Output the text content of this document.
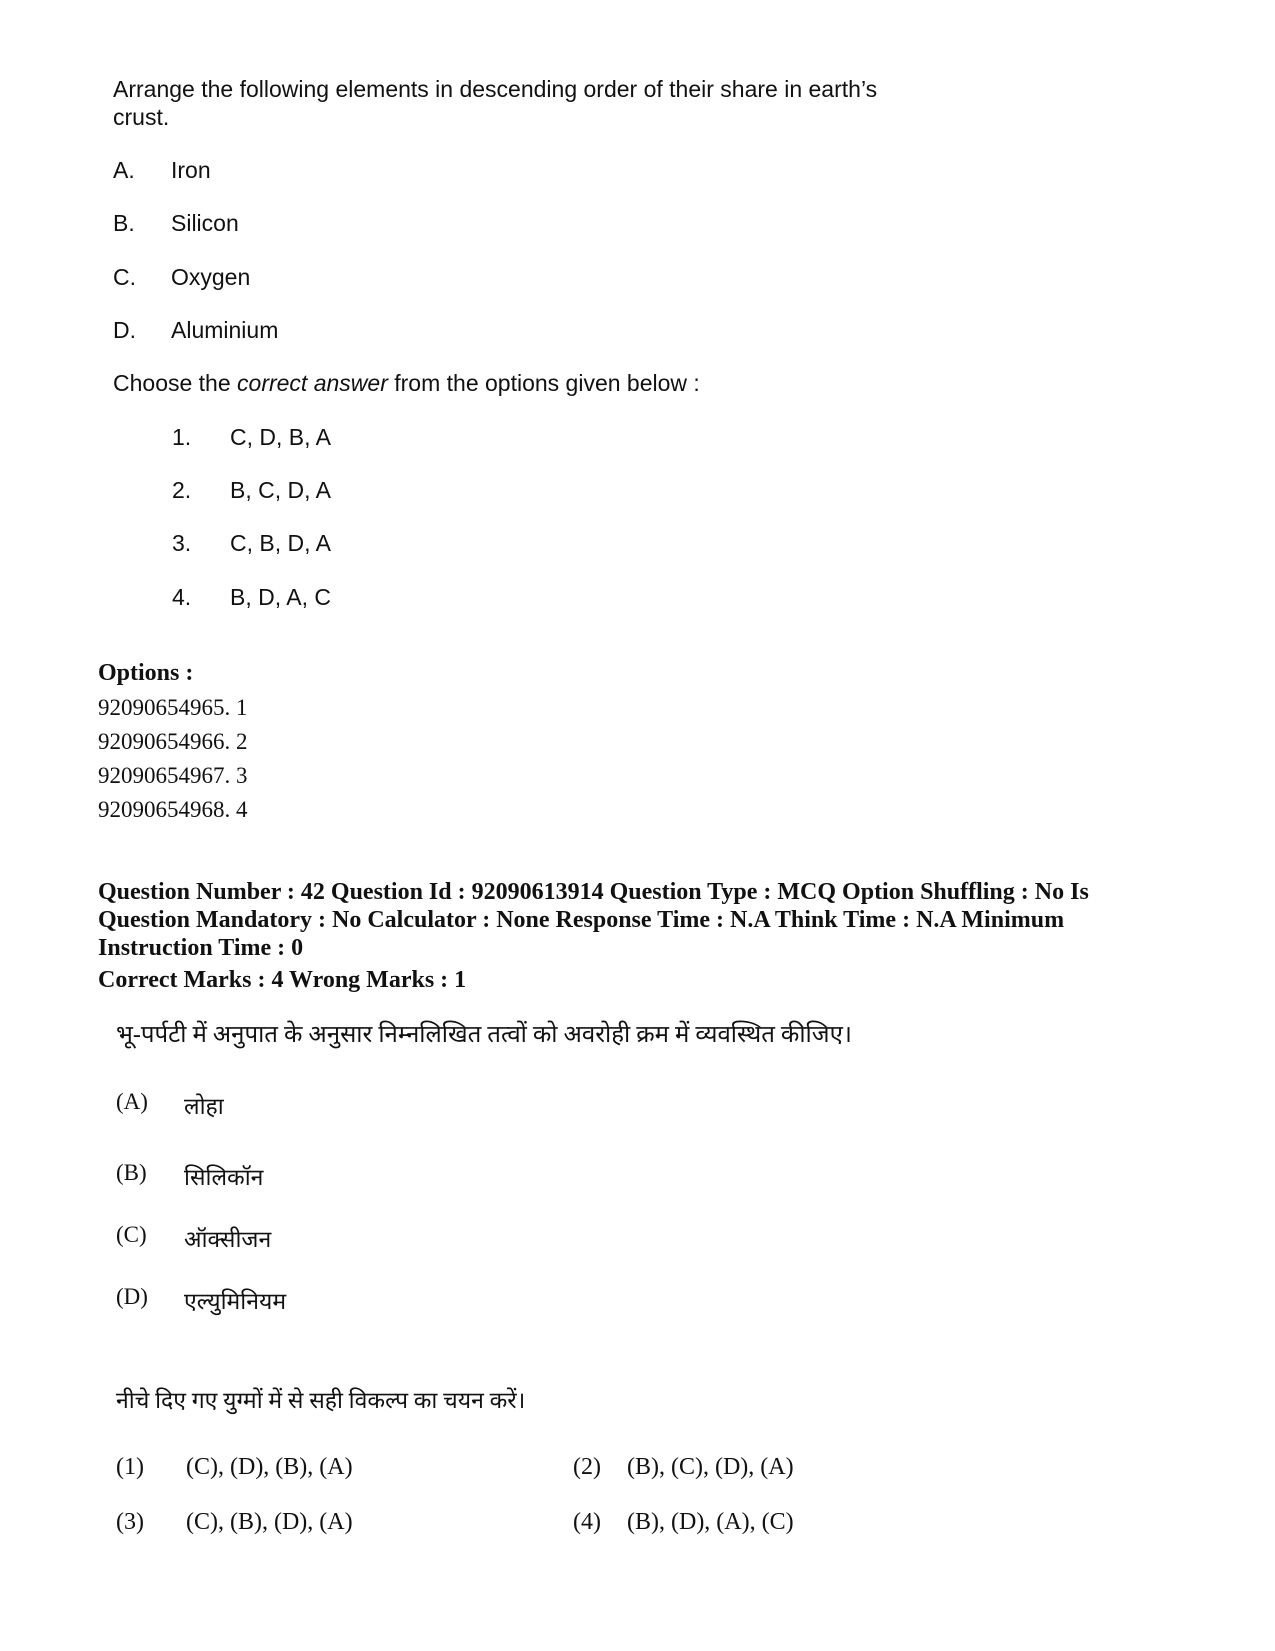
Arrange the following elements in descending order of their share in earth’s
crust.
A. Iron
B. Silicon
C. Oxygen
D. Aluminium
Choose the correct answer from the options given below :
1. C, D, B, A
2. B, C, D, A
3. C, B, D, A
4. B, D, A, C
Options :
92090654965. 1
92090654966. 2
92090654967. 3
92090654968. 4
Question Number : 42 Question Id : 92090613914 Question Type : MCQ Option Shuffling : No Is
Question Mandatory : No Calculator : None Response Time : N.A Think Time : N.A Minimum
Instruction Time : 0
Correct Marks : 4 Wrong Marks : 1
भू-पर्पटी में अनुपात के अनुसार निम्नलिखित तत्वों को अवरोही क्रम में व्यवस्थित कीजिए।
(A) लोहा
(B) सिलिकॉन
(C) ऑक्सीजन
(D) एल्युमिनियम
नीचे दिए गए युग्मों में से सही विकल्प का चयन करें।
(1) (C), (D), (B), (A)	(2) (B), (C), (D), (A)
(3) (C), (B), (D), (A)	(4) (B), (D), (A), (C)
